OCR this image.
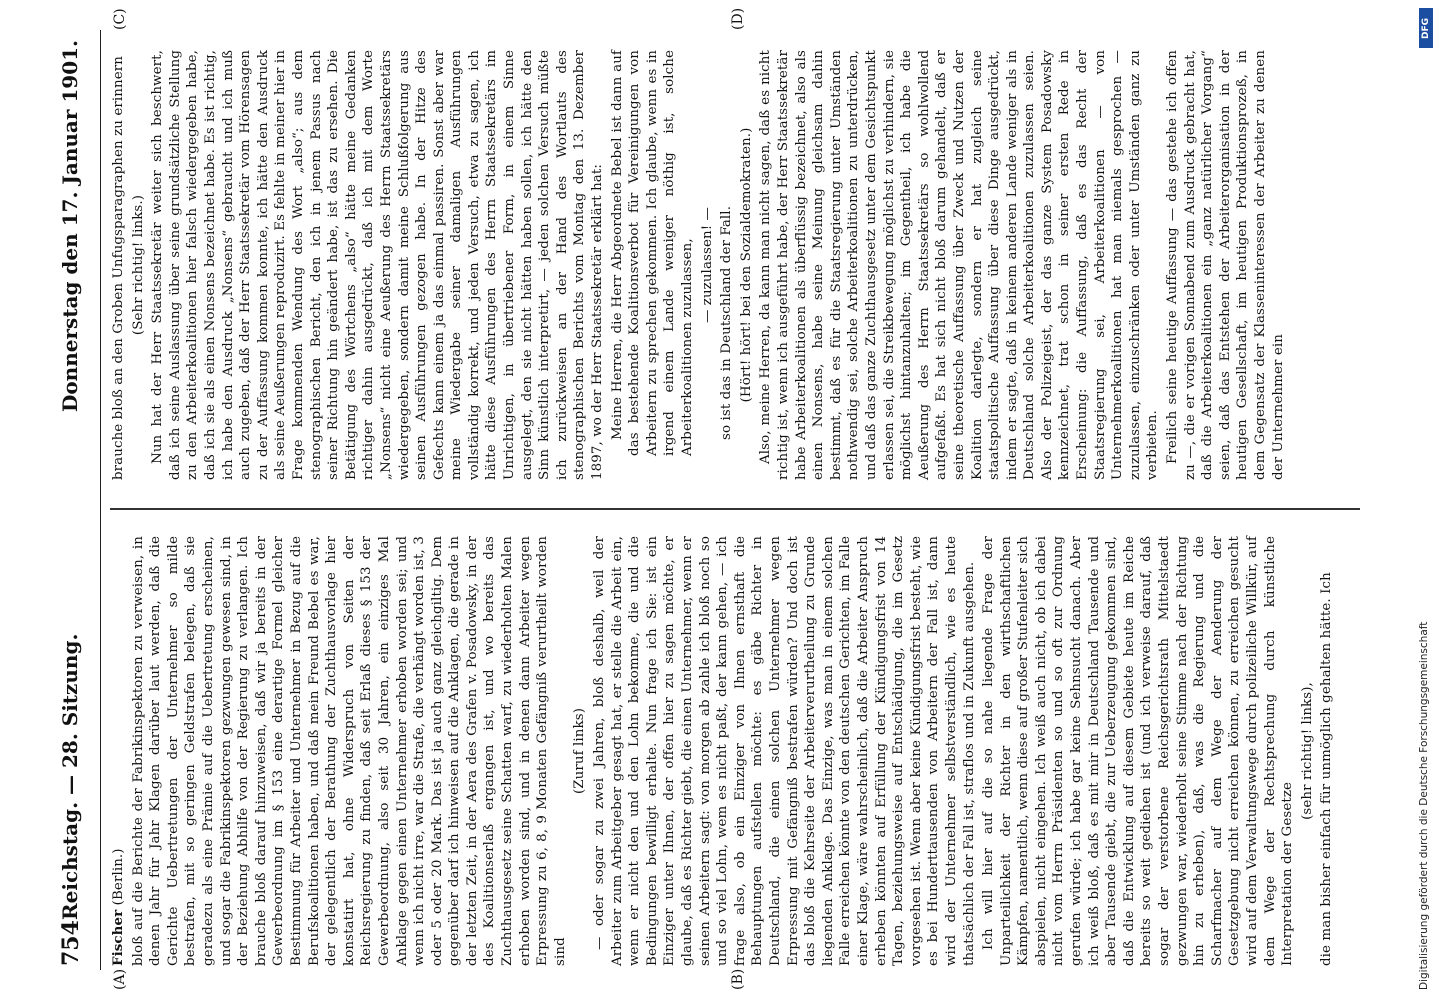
754
Reichstag. — 28. Sitzung.
Donnerstag den 17. Januar 1901.
(A)	(B)
(C)	(D)

Fischer (Berlin.) bloß auf die Berichte der Fabrikinspektoren zu verweisen, in denen Jahr für Jahr Klagen darüber laut werden, daß die Gerichte Uebertretungen der Unternehmer so milde bestrafen, mit so geringen Geldstrafen belegen, daß sie geradezu als eine Prämie auf die Uebertretung erscheinen, und sogar die Fabrikinspektoren gezwungen gewesen sind, in der Beziehung Abhilfe von der Regierung zu verlangen. Ich brauche bloß darauf hinzuweisen, daß wir ja bereits in der Gewerbeordnung im § 153 eine derartige Formel gleicher Bestimmung für Arbeiter und Unternehmer in Bezug auf die Berufskoalitionen haben, und daß mein Freund Bebel es war, der gelegentlich der Berathung der Zuchthausvorlage hier konstatirt hat, ohne Widerspruch von Seiten der Reichsregierung zu finden, daß seit Erlaß dieses § 153 der Gewerbeordnung, also seit 30 Jahren, ein einziges Mal Anklage gegen einen Unternehmer erhoben worden sei; und wenn ich nicht irre, war die Strafe, die verhängt worden ist, 3 oder 5 oder 20 Mark. Das ist ja auch ganz gleichgiltig. Dem gegenüber darf ich hinweisen auf die Anklagen, die gerade in der letzten Zeit, in der Aera des Grafen v. Posadowsky, in der des Koalitionserlaß ergangen ist, und wo bereits das Zuchthausgesetz seine Schatten warf, zu wiederholten Malen erhoben worden sind, und in denen dann Arbeiter wegen Erpressung zu 6, 8, 9 Monaten Gefängniß verurtheilt worden sind

(Zuruf links) — oder sogar zu zwei Jahren, bloß deshalb, weil der Arbeiter zum Arbeitgeber gesagt hat, er stelle die Arbeit ein, wenn er nicht den und den Lohn bekomme, die und die Bedingungen bewilligt erhalte. Nun frage ich Sie: ist ein Einziger unter Ihnen, der offen hier zu sagen möchte, er glaube, daß es Richter giebt, die einen Unternehmer, wenn er seinen Arbeitern sagt: von morgen ab zahle ich bloß noch so und so viel Lohn, wem es nicht paßt, der kann gehen, — ich frage also, ob ein Einziger von Ihnen ernsthaft die Behauptungen aufstellen möchte: es gäbe Richter in Deutschland, die einen solchen Unternehmer wegen Erpressung mit Gefängniß bestrafen würden? Und doch ist das bloß die Kehrseite der Arbeiterverurtheilung zu Grunde liegenden Anklage. Das Einzige, was man in einem solchen Falle erreichen könnte von den deutschen Gerichten, im Falle einer Klage, wäre wahrscheinlich, daß die Arbeiter Anspruch erheben könnten auf Erfüllung der Kündigungsfrist von 14 Tagen, beziehungsweise auf Entschädigung, die im Gesetz vorgesehen ist. Wenn aber keine Kündigungsfrist besteht, wie es bei Hunderttausenden von Arbeitern der Fall ist, dann wird der Unternehmer selbstverständlich, wie es heute thatsächlich der Fall ist, straflos und in Zukunft ausgehen. Ich will hier auf die so nahe liegende Frage der Unparteilichkeit der Richter in den wirthschaftlichen Kämpfen, namentlich, wenn diese auf großer Stufenleiter sich abspielen, nicht eingehen. Ich weiß auch nicht, ob ich dabei nicht vom Herrn Präsidenten so und so oft zur Ordnung gerufen würde; ich habe gar keine Sehnsucht danach. Aber ich weiß bloß, daß es mit mir in Deutschland Tausende und aber Tausende giebt, die zur Ueberzeugung gekommen sind, daß die Entwicklung auf diesem Gebiete heute im Reiche bereits so weit gediehen ist (und ich verweise darauf, daß sogar der verstorbene Reichsgerichtsrath Mittelstaedt gezwungen war, wiederholt seine Stimme nach der Richtung hin zu erheben), daß, was die Regierung und die Scharfmacher auf dem Wege der Aenderung der Gesetzgebung nicht erreichen können, zu erreichen gesucht wird auf dem Verwaltungswege durch polizeiliche Willkür, auf dem Wege der Rechtsprechung durch künstliche Interpretation der Gesetze

(sehr richtig! links), die man bisher einfach für unmöglich gehalten hätte. Ich

brauche bloß an den Groben Unfugsparagraphen zu erinnern (Sehr richtig! links.) Nun hat der Herr Staatssekretär weiter sich beschwert, daß ich seine Auslassung über seine grundsätzliche Stellung zu den Arbeiterkoalitionen hier falsch wiedergegeben habe, daß ich sie als einen Nonsens bezeichnet habe. Es ist richtig, ich habe den Ausdruck „Nonsens“ gebraucht und ich muß auch zugeben, daß der Herr Staatssekretär vom Hörensagen zu der Auffassung kommen konnte, ich hätte den Ausdruck als seine Aeußerungen reproduzirt. Es fehlte in meiner hier in Frage kommenden Wendung des Wort „also“; aus dem stenographischen Bericht, den ich in jenem Passus nach seiner Richtung hin geändert habe, ist das zu ersehen. Die Betätigung des Wörtchens „also“ hätte meine Gedanken richtiger dahin ausgedrückt, daß ich mit dem Worte „Nonsens“ nicht eine Aeußerung des Herrn Staatssekretärs wiedergegeben, sondern damit meine Schlußfolgerung aus seinen Ausführungen gezogen habe. In der Hitze des Gefechts kann einem ja das einmal passiren. Sonst aber war meine Wiedergabe seiner damaligen Ausführungen vollständig korrekt, und jeden Versuch, etwa zu sagen, ich hätte diese Ausführungen des Herrn Staatssekretärs im Unrichtigen, in übertriebener Form, in einem Sinne ausgelegt, den sie nicht hätten haben sollen, ich hätte den Sinn künstlich interpretirt, — jeden solchen Versuch müßte ich zurückweisen an der Hand des Wortlauts des stenographischen Berichts vom Montag den 13. Dezember 1897, wo der Herr Staatssekretär erklärt hat: Meine Herren, die Herr Abgeordnete Bebel ist dann auf das bestehende Koalitionsverbot für Vereinigungen von Arbeitern zu sprechen gekommen. Ich glaube, wenn es in irgend einem Lande weniger nöthig ist, solche Arbeiterkoalitionen zuzulassen, — zuzulassen! — so ist das in Deutschland der Fall. (Hört! hört! bei den Sozialdemokraten.) Also, meine Herren, da kann man nicht sagen, daß es nicht richtig ist, wenn ich ausgeführt habe, der Herr Staatssekretär habe Arbeiterkoalitionen als überflüssig bezeichnet, also als einen Nonsens, habe seine Meinung gleichsam dahin bestimmt, daß es für die Staatsregierung unter Umständen nothwendig sei, solche Arbeiterkoalitionen zu unterdrücken, und daß das ganze Zuchthausgesetz unter dem Gesichtspunkt erlassen sei, die Streikbewegung möglichst zu verhindern, sie möglichst hintanzuhalten; im Gegentheil, ich habe die Aeußerung des Herrn Staatssekretärs so wohlwollend aufgefaßt. Es hat sich nicht bloß darum gehandelt, daß er seine theoretische Auffassung über Zweck und Nutzen der Koalition darlegte, sondern er hat zugleich seine staatspolitische Auffassung über diese Dinge ausgedrückt, indem er sagte, daß in keinem anderen Lande weniger als in Deutschland solche Arbeiterkoalitionen zuzulassen seien. Also der Polizeigeist, der das ganze System Posadowsky kennzeichnet, trat schon in seiner ersten Rede in Erscheinung: die Auffassung, daß es das Recht der Staatsregierung sei, Arbeiterkoalitionen — von Unternehmerkoalitionen hat man niemals gesprochen — zuzulassen, einzuschränken oder unter Umständen ganz zu verbieten. Freilich seine heutige Auffassung — das gestehe ich offen zu —, die er vorigen Sonnabend zum Ausdruck gebracht hat, daß die Arbeiterkoalitionen ein „ganz natürlicher Vorgang“ seien, daß das Entstehen der Arbeiterorganisation in der heutigen Gesellschaft, im heutigen Produktionsprozeß, in dem Gegensatz der Klasseninteressen der Arbeiter zu denen der Unternehmer ein

DFG
Digitalisierung gefördert durch die Deutsche Forschungsgemeinschaft
